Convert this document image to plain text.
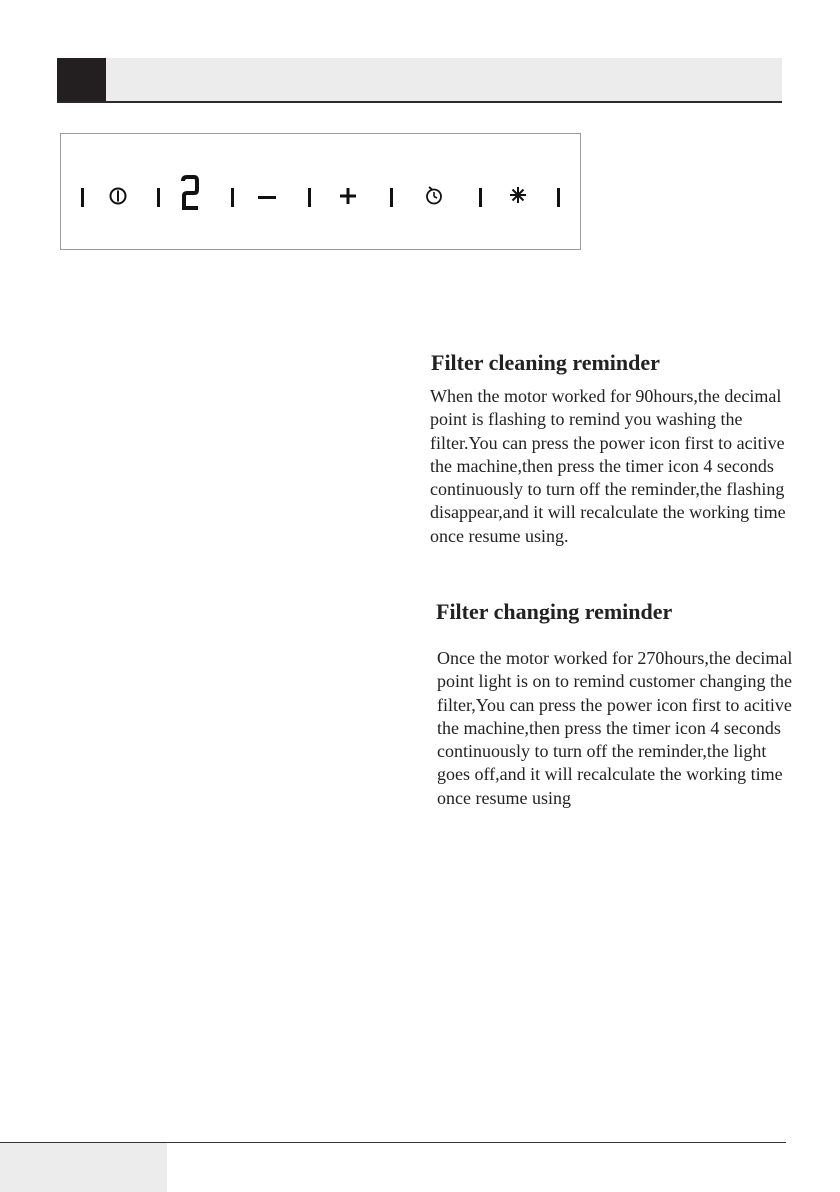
Filter cleaning reminder

When the motor worked for 90hours,the decimal point is flashing to remind you washing the filter.You can press the power icon first to acitive the machine,then press the timer icon 4 seconds continuously to turn off the reminder,the flashing disappear,and it will recalculate the working time once resume using.

Filter changing reminder

Once the motor worked for 270hours,the decimal point light is on to remind customer changing the filter,You can press the power icon first to acitive the machine,then press the timer icon 4 seconds continuously to turn off the reminder,the light goes off,and it will recalculate the working time once resume using
